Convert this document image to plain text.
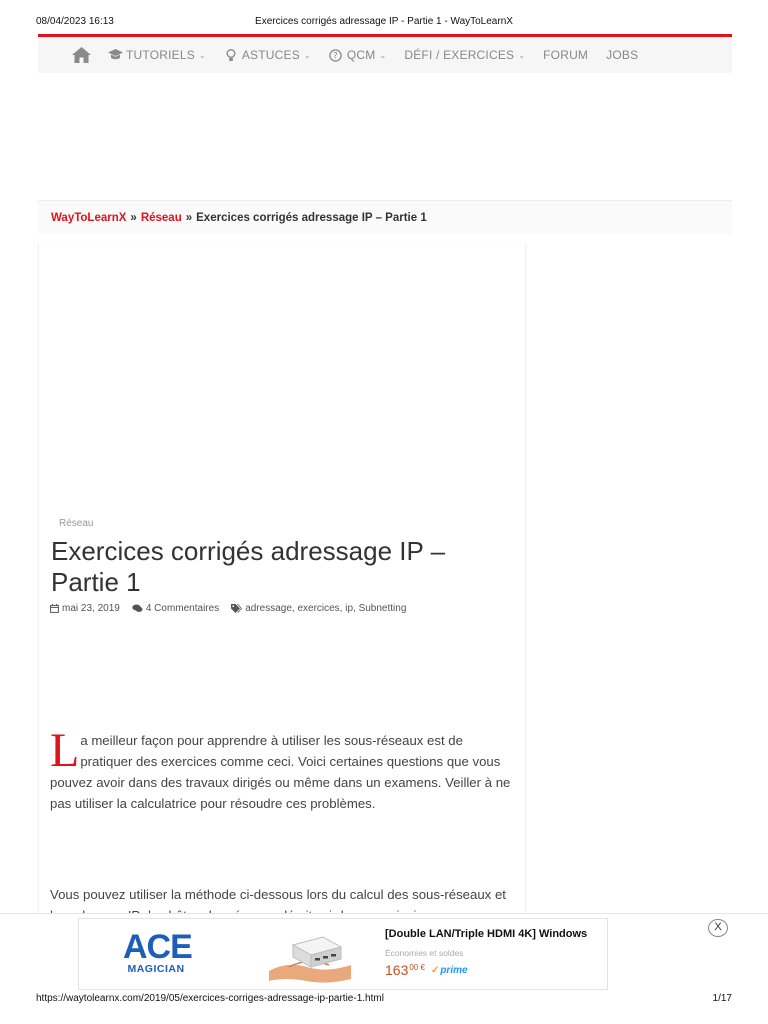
08/04/2023 16:13	Exercices corrigés adressage IP - Partie 1 - WayToLearnX
TUTORIELS ⌄	ASTUCES ⌄	? QCM ⌄ DÉFI / EXERCICES ⌄ FORUM JOBS
WayToLearnX » Réseau » Exercices corrigés adressage IP – Partie 1
Réseau
Exercices corrigés adressage IP – Partie 1
mai 23, 2019	4 Commentaires	adressage, exercices, ip, Subnetting
La meilleur façon pour apprendre à utiliser les sous-réseaux est de pratiquer des exercices comme ceci. Voici certaines questions que vous pouvez avoir dans des travaux dirigés ou même dans un examens. Veiller à ne pas utiliser la calculatrice pour résoudre ces problèmes.
Vous pouvez utiliser la méthode ci-dessous lors du calcul des sous-réseaux et
ACE
MAGICIAN
[Double LAN/Triple HDMI 4K] Windows
Économies et soldes
163 00 € ✓prime
X
https://waytolearnx.com/2019/05/exercices-corriges-adressage-ip-partie-1.html	1/17
